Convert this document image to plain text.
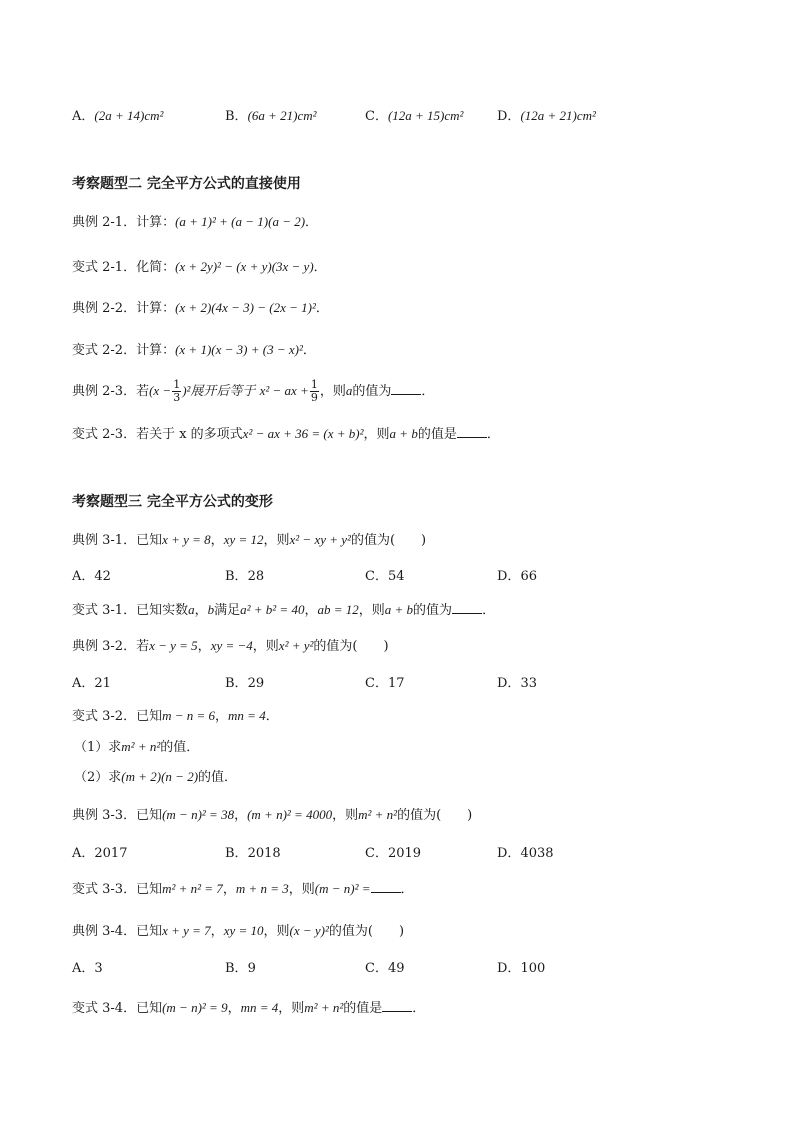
A．(2a + 14)cm²	B．(6a + 21)cm²	C．(12a + 15)cm²	D．(12a + 21)cm²
考察题型二 完全平方公式的直接使用
典例 2-1．计算：(a + 1)² + (a − 1)(a − 2)．
变式 2-1．化简：(x + 2y)² − (x + y)(3x − y)．
典例 2-2．计算：(x + 2)(4x − 3) − (2x − 1)²．
变式 2-2．计算：(x + 1)(x − 3) + (3 − x)²．
典例 2-3．若$(x - \frac{1}{3} )^2$展开后等于 x² − ax + $\frac{1}{9}$ ，则a的值为 ．
变式 2-3．若关于 x 的多项式x² − ax + 36 = (x + b)²，则a + b的值是 ．
考察题型三 完全平方公式的变形
典例 3-1．已知x + y = 8，xy = 12，则x² − xy + y²的值为(　　)
A．42	B．28	C．54	D．66
变式 3-1．已知实数a，b满足a² + b² = 40，ab = 12，则a + b的值为 ．
典例 3-2．若x − y = 5，xy = −4，则x² + y²的值为(　　)
A．21	B．29	C．17	D．33
变式 3-2．已知m − n = 6，mn = 4．
（1）求m² + n²的值．
（2）求(m + 2)(n − 2)的值．
典例 3-3．已知(m − n)² = 38，(m + n)² = 4000，则m² + n²的值为(　　)
A．2017	B．2018	C．2019	D．4038
变式 3-3．已知m² + n² = 7，m + n = 3，则(m − n)² = ．
典例 3-4．已知x + y = 7，xy = 10，则(x − y)²的值为(　　)
A．3	B．9	C．49	D．100
变式 3-4．已知(m − n)² = 9，mn = 4，则m² + n²的值是 ．
